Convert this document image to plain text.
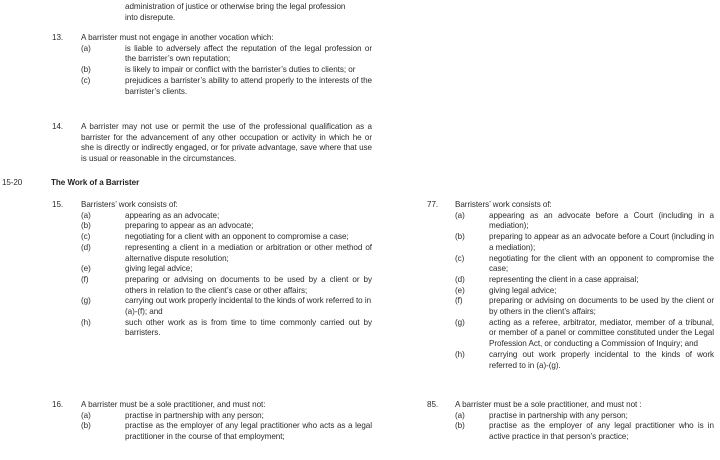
administration of justice or otherwise bring the legal profession
into disrepute.
15-20	The Work of a Barrister
13.	A barrister must not engage in another vocation which:
(a)	is liable to adversely affect the reputation of the legal profession or the barrister’s own reputation;
(b)	is likely to impair or conflict with the barrister’s duties to clients; or
(c)	prejudices a barrister’s ability to attend properly to the interests of the barrister’s clients.
14.	A barrister may not use or permit the use of the professional qualification as a barrister for the advancement of any other occupation or activity in which he or she is directly or indirectly engaged, or for private advantage, save where that use is usual or reasonable in the circumstances.
15.	Barristers’ work consists of:
(a)	appearing as an advocate;
(b)	preparing to appear as an advocate;
(c)	negotiating for a client with an opponent to compromise a case;
(d)	representing a client in a mediation or arbitration or other method of alternative dispute resolution;
(e)	giving legal advice;
(f)	preparing or advising on documents to be used by a client or by others in relation to the client’s case or other affairs;
(g)	carrying out work properly incidental to the kinds of work referred to in (a)-(f); and
(h)	such other work as is from time to time commonly carried out by barristers.
16.	A barrister must be a sole practitioner, and must not:
(a)	practise in partnership with any person;
(b)	practise as the employer of any legal practitioner who acts as a legal practitioner in the course of that employment;
77.	Barristers’ work consists of:
(a)	appearing as an advocate before a Court (including in a mediation);
(b)	preparing to appear as an advocate before a Court (including in a mediation);
(c)	negotiating for the client with an opponent to compromise the case;
(d)	representing the client in a case appraisal;
(e)	giving legal advice;
(f)	preparing or advising on documents to be used by the client or by others in the client’s affairs;
(g)	acting as a referee, arbitrator, mediator, member of a tribunal, or member of a panel or committee constituted under the Legal Profession Act, or conducting a Commission of Inquiry; and
(h)	carrying out work properly incidental to the kinds of work referred to in (a)-(g).
85.	A barrister must be a sole practitioner, and must not :
(a)	practise in partnership with any person;
(b)	practise as the employer of any legal practitioner who is in active practice in that person’s practice;
